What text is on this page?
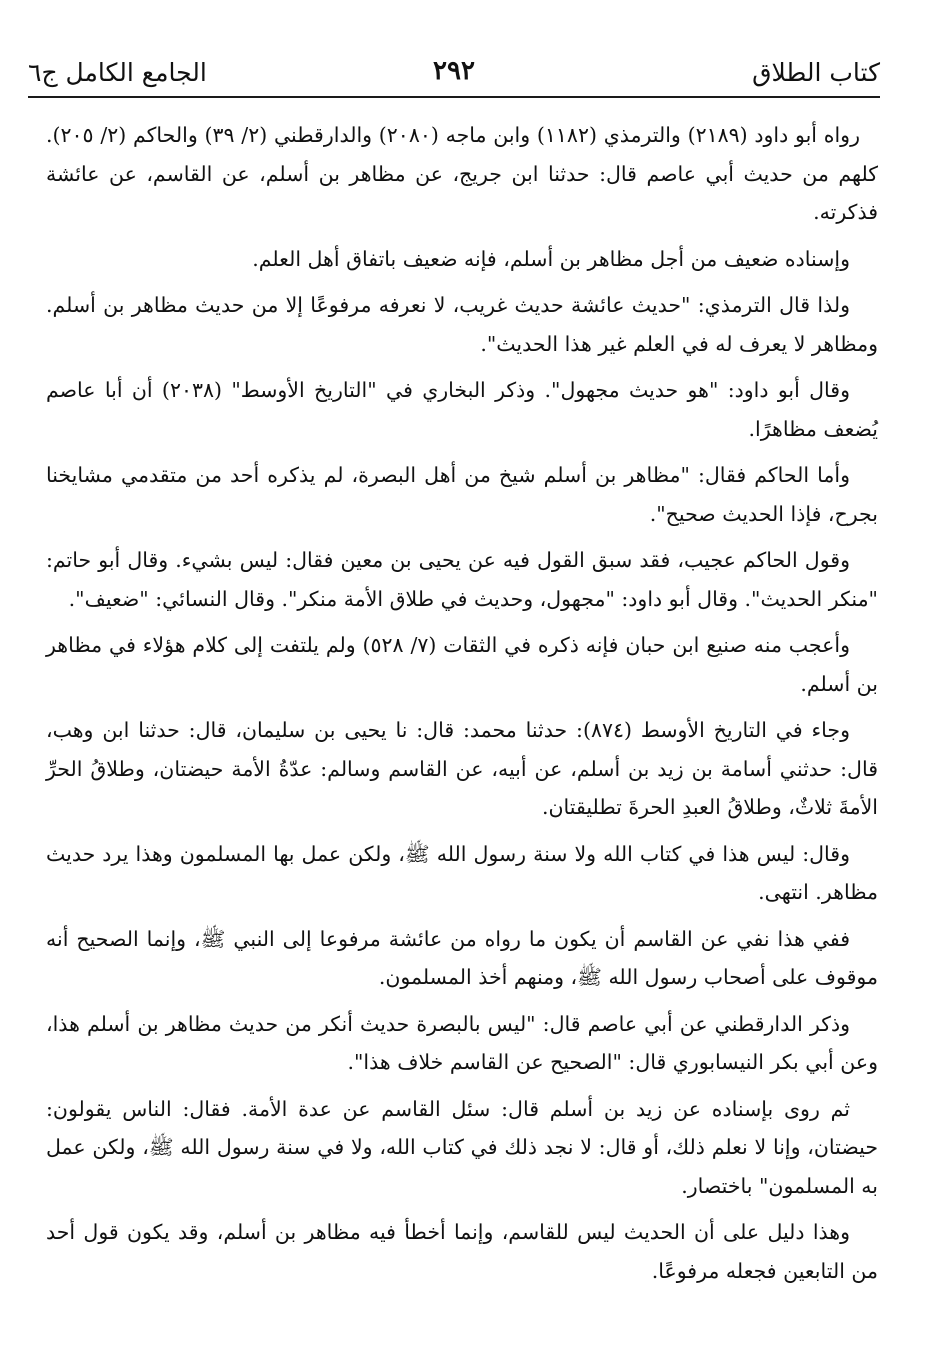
كتاب الطلاق
٢٩٢
الجامع الكامل ج٦

رواه أبو داود (٢١٨٩) والترمذي (١١٨٢) وابن ماجه (٢٠٨٠) والدارقطني (٢/ ٣٩) والحاكم (٢/ ٢٠٥). كلهم من حديث أبي عاصم قال: حدثنا ابن جريج، عن مظاهر بن أسلم، عن القاسم، عن عائشة فذكرته.

وإسناده ضعيف من أجل مظاهر بن أسلم، فإنه ضعيف باتفاق أهل العلم.

ولذا قال الترمذي: "حديث عائشة حديث غريب، لا نعرفه مرفوعًا إلا من حديث مظاهر بن أسلم. ومظاهر لا يعرف له في العلم غير هذا الحديث".

وقال أبو داود: "هو حديث مجهول". وذكر البخاري في "التاريخ الأوسط" (٢٠٣٨) أن أبا عاصم يُضعف مظاهرًا.

وأما الحاكم فقال: "مظاهر بن أسلم شيخ من أهل البصرة، لم يذكره أحد من متقدمي مشايخنا بجرح، فإذا الحديث صحيح".

وقول الحاكم عجيب، فقد سبق القول فيه عن يحيى بن معين فقال: ليس بشيء. وقال أبو حاتم: "منكر الحديث". وقال أبو داود: "مجهول، وحديث في طلاق الأمة منكر". وقال النسائي: "ضعيف".

وأعجب منه صنيع ابن حبان فإنه ذكره في الثقات (٧/ ٥٢٨) ولم يلتفت إلى كلام هؤلاء في مظاهر بن أسلم.

وجاء في التاريخ الأوسط (٨٧٤): حدثنا محمد: قال: نا يحيى بن سليمان، قال: حدثنا ابن وهب، قال: حدثني أسامة بن زيد بن أسلم، عن أبيه، عن القاسم وسالم: عدّةُ الأمة حيضتان، وطلاقُ الحرِّ الأمةَ ثلاثٌ، وطلاقُ العبدِ الحرةَ تطليقتان.

وقال: ليس هذا في كتاب الله ولا سنة رسول الله ﷺ، ولكن عمل بها المسلمون وهذا يرد حديث مظاهر. انتهى.

ففي هذا نفي عن القاسم أن يكون ما رواه من عائشة مرفوعا إلى النبي ﷺ، وإنما الصحيح أنه موقوف على أصحاب رسول الله ﷺ، ومنهم أخذ المسلمون.

وذكر الدارقطني عن أبي عاصم قال: "ليس بالبصرة حديث أنكر من حديث مظاهر بن أسلم هذا، وعن أبي بكر النيسابوري قال: "الصحيح عن القاسم خلاف هذا".

ثم روى بإسناده عن زيد بن أسلم قال: سئل القاسم عن عدة الأمة. فقال: الناس يقولون: حيضتان، وإنا لا نعلم ذلك، أو قال: لا نجد ذلك في كتاب الله، ولا في سنة رسول الله ﷺ، ولكن عمل به المسلمون" باختصار.

وهذا دليل على أن الحديث ليس للقاسم، وإنما أخطأ فيه مظاهر بن أسلم، وقد يكون قول أحد من التابعين فجعله مرفوعًا.
